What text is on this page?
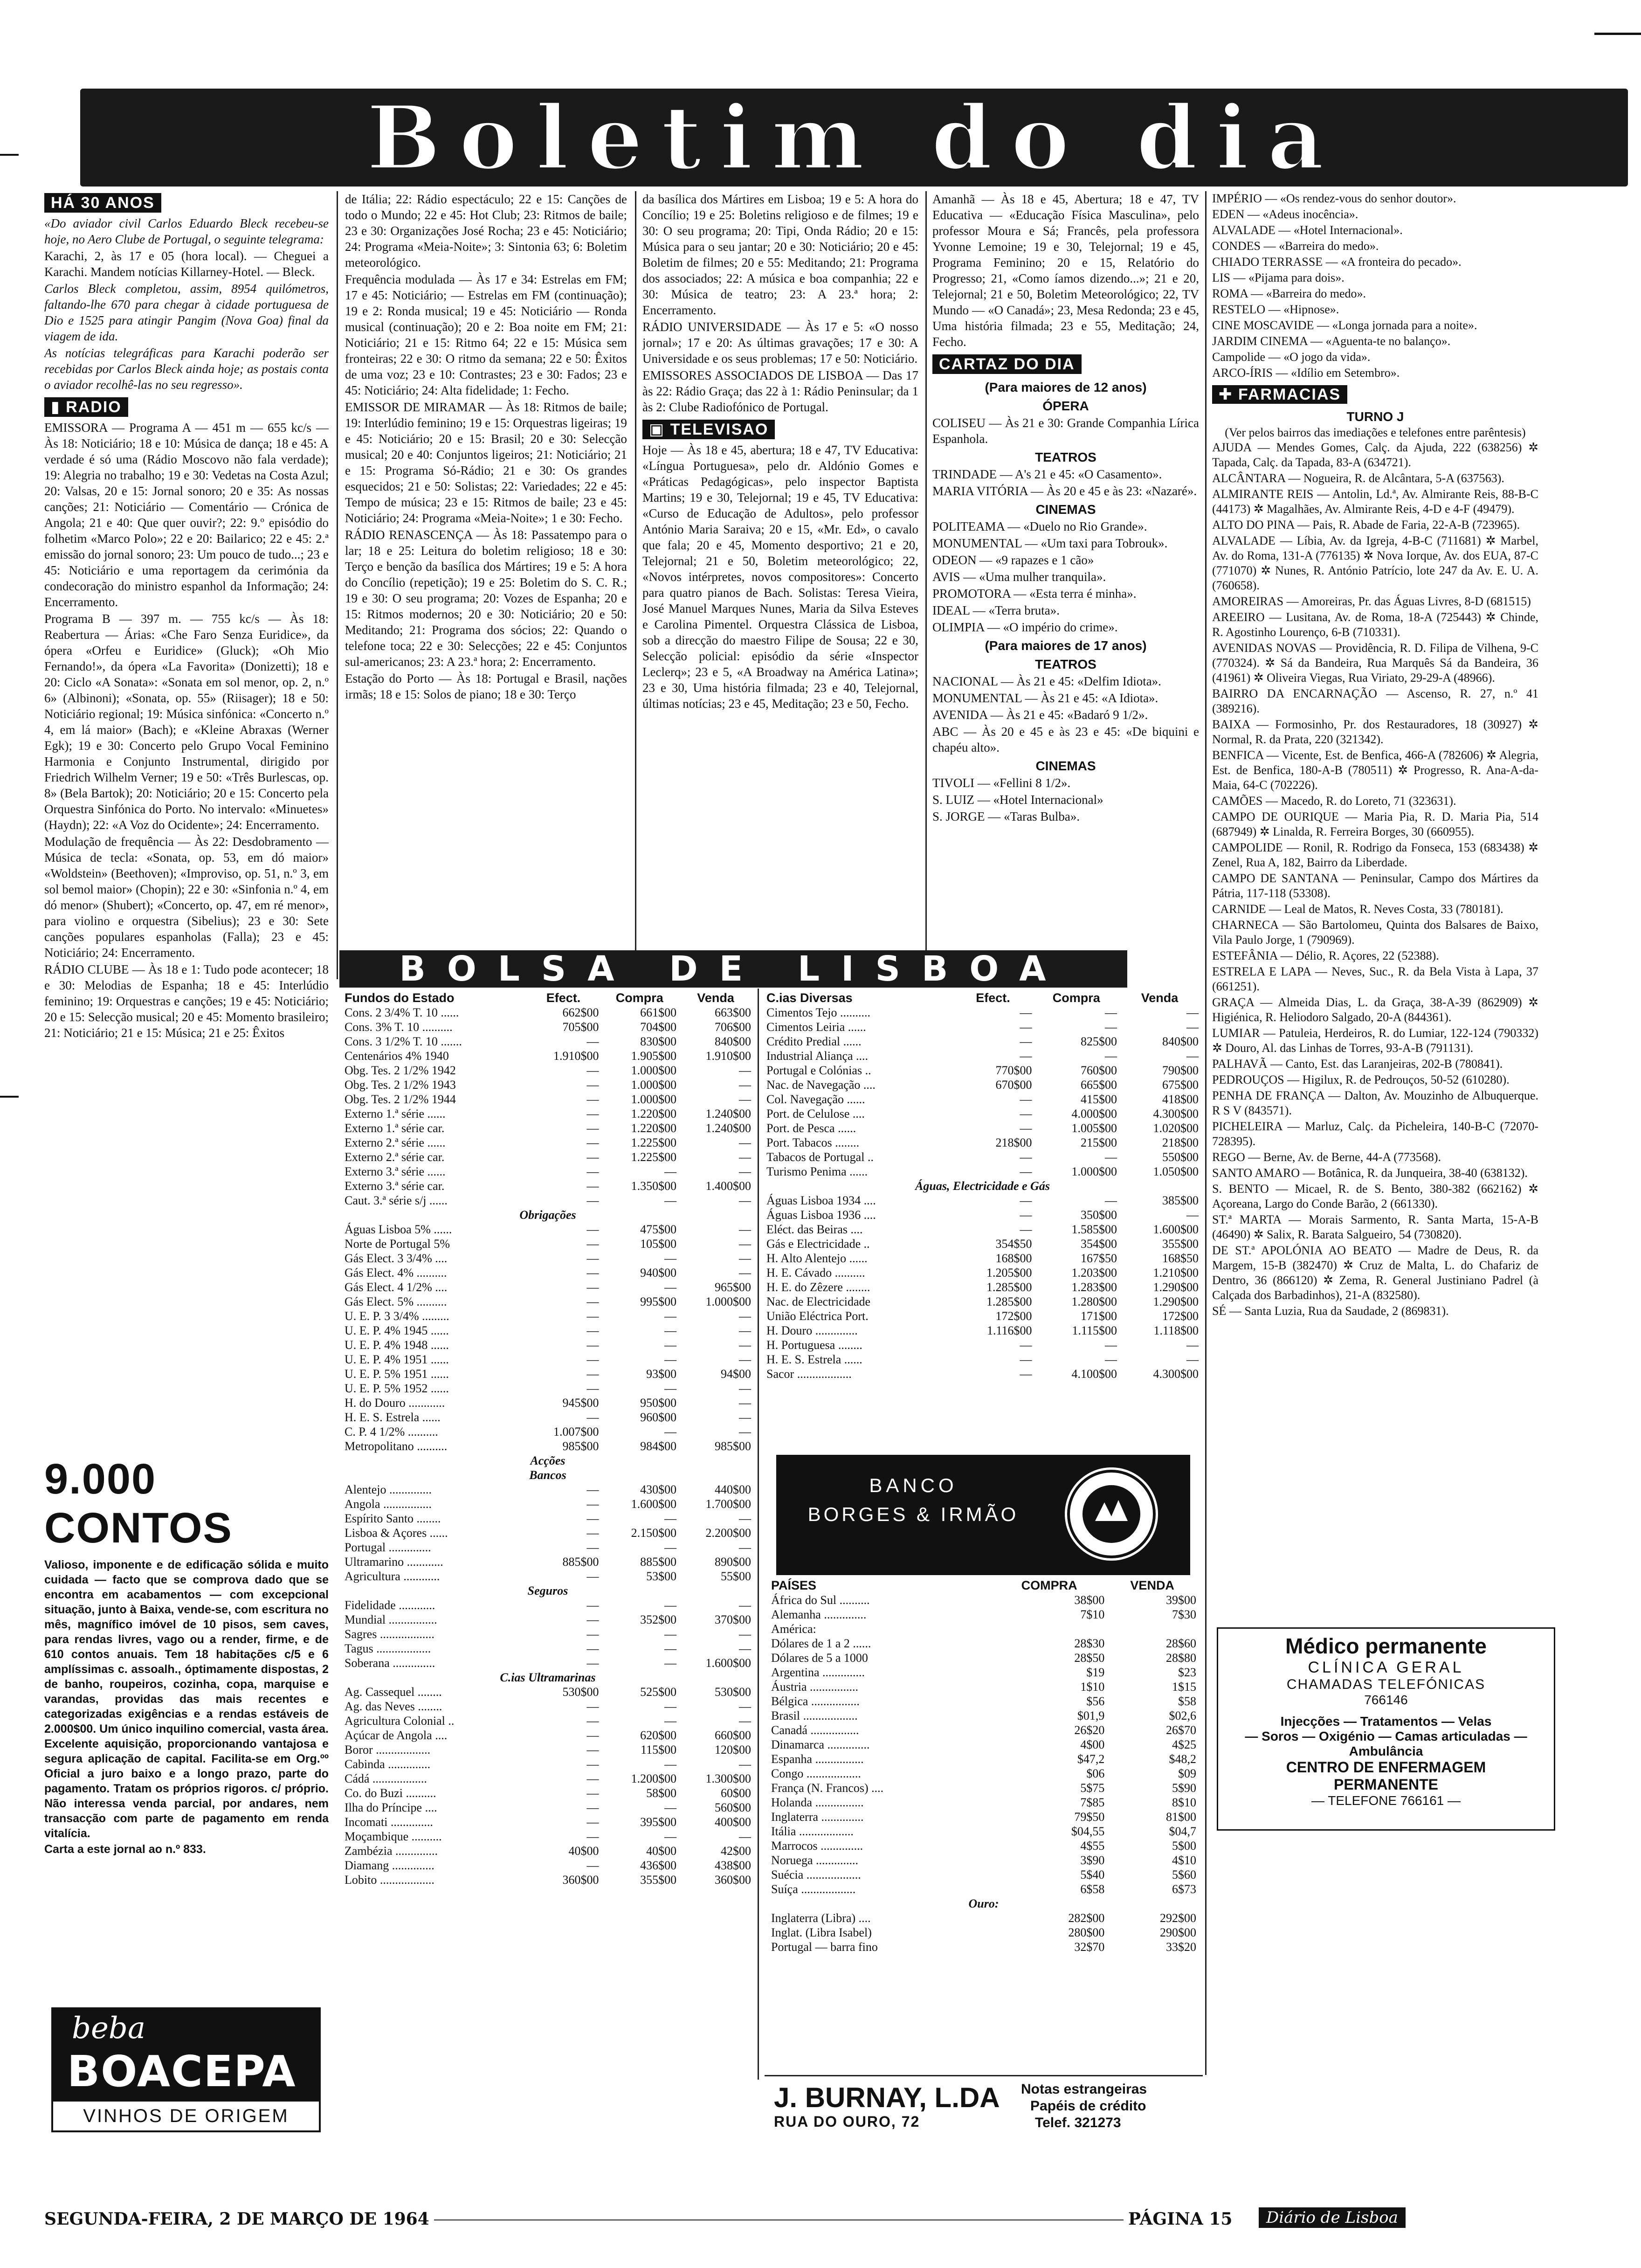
Boletim do dia
HÁ 30 ANOS

«Do aviador civil Carlos Eduardo Bleck recebeu-se hoje, no Aero Clube de Portugal, o seguinte telegrama:

Karachi, 2, às 17 e 05 (hora local). — Cheguei a Karachi. Mandem notícias Killarney-Hotel. — Bleck.

Carlos Bleck completou, assim, 8954 quilómetros, faltando-lhe 670 para chegar à cidade portuguesa de Dio e 1525 para atingir Pangim (Nova Goa) final da viagem de ida.

As notícias telegráficas para Karachi poderão ser recebidas por Carlos Bleck ainda hoje; as postais conta o aviador recolhê-las no seu regresso».

▮ RADIO

EMISSORA — Programa A — 451 m — 655 kc/s — Às 18: Noticiário; 18 e 10: Música de dança; 18 e 45: A verdade é só uma (Rádio Moscovo não fala verdade); 19: Alegria no trabalho; 19 e 30: Vedetas na Costa Azul; 20: Valsas, 20 e 15: Jornal sonoro; 20 e 35: As nossas canções; 21: Noticiário — Comentário — Crónica de Angola; 21 e 40: Que quer ouvir?; 22: 9.º episódio do folhetim «Marco Polo»; 22 e 20: Bailarico; 22 e 45: 2.ª emissão do jornal sonoro; 23: Um pouco de tudo...; 23 e 45: Noticiário e uma reportagem da cerimónia da condecoração do ministro espanhol da Informação; 24: Encerramento.

Programa B — 397 m. — 755 kc/s — Às 18: Reabertura — Árias: «Che Faro Senza Euridice», da ópera «Orfeu e Euridice» (Gluck); «Oh Mio Fernando!», da ópera «La Favorita» (Donizetti); 18 e 20: Ciclo «A Sonata»: «Sonata em sol menor, op. 2, n.º 6» (Albinoni); «Sonata, op. 55» (Riisager); 18 e 50: Noticiário regional; 19: Música sinfónica: «Concerto n.º 4, em lá maior» (Bach); e «Kleine Abraxas (Werner Egk); 19 e 30: Concerto pelo Grupo Vocal Feminino Harmonia e Conjunto Instrumental, dirigido por Friedrich Wilhelm Verner; 19 e 50: «Três Burlescas, op. 8» (Bela Bartok); 20: Noticiário; 20 e 15: Concerto pela Orquestra Sinfónica do Porto. No intervalo: «Minuetes» (Haydn); 22: «A Voz do Ocidente»; 24: Encerramento.

Modulação de frequência — Às 22: Desdobramento — Música de tecla: «Sonata, op. 53, em dó maior» «Woldstein» (Beethoven); «Improviso, op. 51, n.º 3, em sol bemol maior» (Chopin); 22 e 30: «Sinfonia n.º 4, em dó menor» (Shubert); «Concerto, op. 47, em ré menor», para violino e orquestra (Sibelius); 23 e 30: Sete canções populares espanholas (Falla); 23 e 45: Noticiário; 24: Encerramento.

RÁDIO CLUBE — Às 18 e 1: Tudo pode acontecer; 18 e 30: Melodias de Espanha; 18 e 45: Interlúdio feminino; 19: Orquestras e canções; 19 e 45: Noticiário; 20 e 15: Selecção musical; 20 e 45: Momento brasileiro; 21: Noticiário; 21 e 15: Música; 21 e 25: Êxitos

9.000 CONTOS

Valioso, imponente e de edificação sólida e muito cuidada — facto que se comprova dado que se encontra em acabamentos — com excepcional situação, junto à Baixa, vende-se, com escritura no mês, magnífico imóvel de 10 pisos, sem caves, para rendas livres, vago ou a render, firme, e de 610 contos anuais. Tem 18 habitações c/5 e 6 amplíssimas c. assoalh., óptimamente dispostas, 2 de banho, roupeiros, cozinha, copa, marquise e varandas, providas das mais recentes e categorizadas exigências e a rendas estáveis de 2.000$00. Um único inquilino comercial, vasta área. Excelente aquisição, proporcionando vantajosa e segura aplicação de capital. Facilita-se em Org.ºº Oficial a juro baixo e a longo prazo, parte do pagamento. Tratam os próprios rigoros. c/ próprio. Não interessa venda parcial, por andares, nem transacção com parte de pagamento em renda vitalícia.

Carta a este jornal ao n.º 833.

beba
BOACEPA
VINHOS DE ORIGEM

de Itália; 22: Rádio espectáculo; 22 e 15: Canções de todo o Mundo; 22 e 45: Hot Club; 23: Ritmos de baile; 23 e 30: Organizações José Rocha; 23 e 45: Noticiário; 24: Programa «Meia-Noite»; 3: Sintonia 63; 6: Boletim meteorológico.

Frequência modulada — Às 17 e 34: Estrelas em FM; 17 e 45: Noticiário; — Estrelas em FM (continuação); 19 e 2: Ronda musical; 19 e 45: Noticiário — Ronda musical (continuação); 20 e 2: Boa noite em FM; 21: Noticiário; 21 e 15: Ritmo 64; 22 e 15: Música sem fronteiras; 22 e 30: O ritmo da semana; 22 e 50: Êxitos de uma voz; 23 e 10: Contrastes; 23 e 30: Fados; 23 e 45: Noticiário; 24: Alta fidelidade; 1: Fecho.

EMISSOR DE MIRAMAR — Às 18: Ritmos de baile; 19: Interlúdio feminino; 19 e 15: Orquestras ligeiras; 19 e 45: Noticiário; 20 e 15: Brasil; 20 e 30: Selecção musical; 20 e 40: Conjuntos ligeiros; 21: Noticiário; 21 e 15: Programa Só-Rádio; 21 e 30: Os grandes esquecidos; 21 e 50: Solistas; 22: Variedades; 22 e 45: Tempo de música; 23 e 15: Ritmos de baile; 23 e 45: Noticiário; 24: Programa «Meia-Noite»; 1 e 30: Fecho.

RÁDIO RENASCENÇA — Às 18: Passatempo para o lar; 18 e 25: Leitura do boletim religioso; 18 e 30: Terço e benção da basílica dos Mártires; 19 e 5: A hora do Concílio (repetição); 19 e 25: Boletim do S. C. R.; 19 e 30: O seu programa; 20: Vozes de Espanha; 20 e 15: Ritmos modernos; 20 e 30: Noticiário; 20 e 50: Meditando; 21: Programa dos sócios; 22: Quando o telefone toca; 22 e 30: Selecções; 22 e 45: Conjuntos sul-americanos; 23: A 23.ª hora; 2: Encerramento.

Estação do Porto — Às 18: Portugal e Brasil, nações irmãs; 18 e 15: Solos de piano; 18 e 30: Terço

da basílica dos Mártires em Lisboa; 19 e 5: A hora do Concílio; 19 e 25: Boletins religioso e de filmes; 19 e 30: O seu programa; 20: Tipi, Onda Rádio; 20 e 15: Música para o seu jantar; 20 e 30: Noticiário; 20 e 45: Boletim de filmes; 20 e 55: Meditando; 21: Programa dos associados; 22: A música e boa companhia; 22 e 30: Música de teatro; 23: A 23.ª hora; 2: Encerramento.

RÁDIO UNIVERSIDADE — Às 17 e 5: «O nosso jornal»; 17 e 20: As últimas gravações; 17 e 30: A Universidade e os seus problemas; 17 e 50: Noticiário.

EMISSORES ASSOCIADOS DE LISBOA — Das 17 às 22: Rádio Graça; das 22 à 1: Rádio Peninsular; da 1 às 2: Clube Radiofónico de Portugal.

▣ TELEVISAO

Hoje — Às 18 e 45, abertura; 18 e 47, TV Educativa: «Língua Portuguesa», pelo dr. Aldónio Gomes e «Práticas Pedagógicas», pelo inspector Baptista Martins; 19 e 30, Telejornal; 19 e 45, TV Educativa: «Curso de Educação de Adultos», pelo professor António Maria Saraiva; 20 e 15, «Mr. Ed», o cavalo que fala; 20 e 45, Momento desportivo; 21 e 20, Telejornal; 21 e 50, Boletim meteorológico; 22, «Novos intérpretes, novos compositores»: Concerto para quatro pianos de Bach. Solistas: Teresa Vieira, José Manuel Marques Nunes, Maria da Silva Esteves e Carolina Pimentel. Orquestra Clássica de Lisboa, sob a direcção do maestro Filipe de Sousa; 22 e 30, Selecção policial: episódio da série «Inspector Leclerq»; 23 e 5, «A Broadway na América Latina»; 23 e 30, Uma história filmada; 23 e 40, Telejornal, últimas notícias; 23 e 45, Meditação; 23 e 50, Fecho.

Amanhã — Às 18 e 45, Abertura; 18 e 47, TV Educativa — «Educação Física Masculina», pelo professor Moura e Sá; Francês, pela professora Yvonne Lemoine; 19 e 30, Telejornal; 19 e 45, Programa Feminino; 20 e 15, Relatório do Progresso; 21, «Como íamos dizendo...»; 21 e 20, Telejornal; 21 e 50, Boletim Meteorológico; 22, TV Mundo — «O Canadá»; 23, Mesa Redonda; 23 e 45, Uma história filmada; 23 e 55, Meditação; 24, Fecho.

CARTAZ DO DIA
(Para maiores de 12 anos)
ÓPERA

COLISEU — Às 21 e 30: Grande Companhia Lírica Espanhola.

TEATROS

TRINDADE — A's 21 e 45: «O Casamento».

MARIA VITÓRIA — Às 20 e 45 e às 23: «Nazaré».

CINEMAS

POLITEAMA — «Duelo no Rio Grande».

MONUMENTAL — «Um taxi para Tobrouk».

ODEON — «9 rapazes e 1 cão»

AVIS — «Uma mulher tranquila».

PROMOTORA — «Esta terra é minha».

IDEAL — «Terra bruta».

OLIMPIA — «O império do crime».

(Para maiores de 17 anos)
TEATROS

NACIONAL — Às 21 e 45: «Delfim Idiota».

MONUMENTAL — Às 21 e 45: «A Idiota».

AVENIDA — Às 21 e 45: «Badaró 9 1/2».

ABC — Às 20 e 45 e às 23 e 45: «De biquini e chapéu alto».

CINEMAS

TIVOLI — «Fellini 8 1/2».

S. LUIZ — «Hotel Internacional»

S. JORGE — «Taras Bulba».

IMPÉRIO — «Os rendez-vous do senhor doutor».

EDEN — «Adeus inocência».

ALVALADE — «Hotel Internacional».

CONDES — «Barreira do medo».

CHIADO TERRASSE — «A fronteira do pecado».

LIS — «Pijama para dois».

ROMA — «Barreira do medo».

RESTELO — «Hipnose».

CINE MOSCAVIDE — «Longa jornada para a noite».

JARDIM CINEMA — «Aguenta-te no balanço».

Campolide — «O jogo da vida».

ARCO-ÍRIS — «Idílio em Setembro».

✚ FARMACIAS
TURNO J
(Ver pelos bairros das imediações e telefones entre parêntesis)

AJUDA — Mendes Gomes, Calç. da Ajuda, 222 (638256) ✲ Tapada, Calç. da Tapada, 83-A (634721).

ALCÂNTARA — Nogueira, R. de Alcântara, 5-A (637563).

ALMIRANTE REIS — Antolin, Ld.ª, Av. Almirante Reis, 88-B-C (44173) ✲ Magalhães, Av. Almirante Reis, 4-D e 4-F (49479).

ALTO DO PINA — Pais, R. Abade de Faria, 22-A-B (723965).

ALVALADE — Líbia, Av. da Igreja, 4-B-C (711681) ✲ Marbel, Av. do Roma, 131-A (776135) ✲ Nova Iorque, Av. dos EUA, 87-C (771070) ✲ Nunes, R. António Patrício, lote 247 da Av. E. U. A. (760658).

AMOREIRAS — Amoreiras, Pr. das Águas Livres, 8-D (681515)

AREEIRO — Lusitana, Av. de Roma, 18-A (725443) ✲ Chinde, R. Agostinho Lourenço, 6-B (710331).

AVENIDAS NOVAS — Providência, R. D. Filipa de Vilhena, 9-C (770324). ✲ Sá da Bandeira, Rua Marquês Sá da Bandeira, 36 (41961) ✲ Oliveira Viegas, Rua Viriato, 29-29-A (48966).

BAIRRO DA ENCARNAÇÃO — Ascenso, R. 27, n.º 41 (389216).

BAIXA — Formosinho, Pr. dos Restauradores, 18 (30927) ✲ Normal, R. da Prata, 220 (321342).

BENFICA — Vicente, Est. de Benfica, 466-A (782606) ✲ Alegria, Est. de Benfica, 180-A-B (780511) ✲ Progresso, R. Ana-A-da-Maia, 64-C (702226).

CAMÕES — Macedo, R. do Loreto, 71 (323631).

CAMPO DE OURIQUE — Maria Pia, R. D. Maria Pia, 514 (687949) ✲ Linalda, R. Ferreira Borges, 30 (660955).

CAMPOLIDE — Ronil, R. Rodrigo da Fonseca, 153 (683438) ✲ Zenel, Rua A, 182, Bairro da Liberdade.

CAMPO DE SANTANA — Peninsular, Campo dos Mártires da Pátria, 117-118 (53308).

CARNIDE — Leal de Matos, R. Neves Costa, 33 (780181).

CHARNECA — São Bartolomeu, Quinta dos Balsares de Baixo, Vila Paulo Jorge, 1 (790969).

ESTEFÂNIA — Délio, R. Açores, 22 (52388).

ESTRELA E LAPA — Neves, Suc., R. da Bela Vista à Lapa, 37 (661251).

GRAÇA — Almeida Dias, L. da Graça, 38-A-39 (862909) ✲ Higiénica, R. Heliodoro Salgado, 20-A (844361).

LUMIAR — Patuleia, Herdeiros, R. do Lumiar, 122-124 (790332) ✲ Douro, Al. das Linhas de Torres, 93-A-B (791131).

PALHAVÃ — Canto, Est. das Laranjeiras, 202-B (780841).

PEDROUÇOS — Higilux, R. de Pedrouços, 50-52 (610280).

PENHA DE FRANÇA — Dalton, Av. Mouzinho de Albuquerque. R S V (843571).

PICHELEIRA — Marluz, Calç. da Picheleira, 140-B-C (72070-728395).

REGO — Berne, Av. de Berne, 44-A (773568).

SANTO AMARO — Botânica, R. da Junqueira, 38-40 (638132).

S. BENTO — Micael, R. de S. Bento, 380-382 (662162) ✲ Açoreana, Largo do Conde Barão, 2 (661330).

ST.ª MARTA — Morais Sarmento, R. Santa Marta, 15-A-B (46490) ✲ Salix, R. Barata Salgueiro, 54 (730820).

DE ST.ª APOLÓNIA AO BEATO — Madre de Deus, R. da Margem, 15-B (382470) ✲ Cruz de Malta, L. do Chafariz de Dentro, 36 (866120) ✲ Zema, R. General Justiniano Padrel (à Calçada dos Barbadinhos), 21-A (832580).

SÉ — Santa Luzia, Rua da Saudade, 2 (869831).

BOLSA DE LISBOA
Fundos do Estado	Efect.	Compra	Venda
Cons. 2 3/4% T. 10 ......	662$00	661$00	663$00
Cons. 3% T. 10 ..........	705$00	704$00	706$00
Cons. 3 1/2% T. 10 .......	—	830$00	840$00
Centenários 4% 1940	1.910$00	1.905$00	1.910$00
Obg. Tes. 2 1/2% 1942	—	1.000$00	—
Obg. Tes. 2 1/2% 1943	—	1.000$00	—
Obg. Tes. 2 1/2% 1944	—	1.000$00	—
Externo 1.ª série ......	—	1.220$00	1.240$00
Externo 1.ª série car.	—	1.220$00	1.240$00
Externo 2.ª série ......	—	1.225$00	—
Externo 2.ª série car.	—	1.225$00	—
Externo 3.ª série ......	—	—	—
Externo 3.ª série car.	—	1.350$00	1.400$00
Caut. 3.ª série s/j ......	—	—	—
Obrigações			
Águas Lisboa 5% ......	—	475$00	—
Norte de Portugal 5%	—	105$00	—
Gás Elect. 3 3/4% ....	—	—	—
Gás Elect. 4% ..........	—	940$00	—
Gás Elect. 4 1/2% ....	—	—	965$00
Gás Elect. 5% ..........	—	995$00	1.000$00
U. E. P. 3 3/4% .........	—	—	—
U. E. P. 4% 1945 ......	—	—	—
U. E. P. 4% 1948 ......	—	—	—
U. E. P. 4% 1951 ......	—	—	—
U. E. P. 5% 1951 ......	—	93$00	94$00
U. E. P. 5% 1952 ......	—	—	—
H. do Douro ............	945$00	950$00	—
H. E. S. Estrela ......	—	960$00	—
C. P. 4 1/2% ..........	1.007$00	—	—
Metropolitano ..........	985$00	984$00	985$00
Acções			
Bancos			
Alentejo ..............	—	430$00	440$00
Angola ................	—	1.600$00	1.700$00
Espírito Santo ........	—	—	—
Lisboa & Açores ......	—	2.150$00	2.200$00
Portugal ..............	—	—	—
Ultramarino ............	885$00	885$00	890$00
Agricultura ............	—	53$00	55$00
Seguros			
Fidelidade ............	—	—	—
Mundial ................	—	352$00	370$00
Sagres ..................	—	—	—
Tagus ..................	—	—	—
Soberana ..............	—	—	1.600$00
C.ias Ultramarinas			
Ag. Cassequel ........	530$00	525$00	530$00
Ag. das Neves ........	—	—	—
Agricultura Colonial ..	—	—	—
Açúcar de Angola ....	—	620$00	660$00
Boror ..................	—	115$00	120$00
Cabinda ..............	—	—	—
Cádá ..................	—	1.200$00	1.300$00
Co. do Buzi ..........	—	58$00	60$00
Ilha do Príncipe ....	—	—	560$00
Incomati ..............	—	395$00	400$00
Moçambique ..........	—	—	—
Zambézia ..............	40$00	40$00	42$00
Diamang ..............	—	436$00	438$00
Lobito ..................	360$00	355$00	360$00
C.ias Diversas	Efect.	Compra	Venda
Cimentos Tejo ..........	—	—	—
Cimentos Leiria ......	—	—	—
Crédito Predial ......	—	825$00	840$00
Industrial Aliança ....	—	—	—
Portugal e Colónias ..	770$00	760$00	790$00
Nac. de Navegação ....	670$00	665$00	675$00
Col. Navegação ......	—	415$00	418$00
Port. de Celulose ....	—	4.000$00	4.300$00
Port. de Pesca ......	—	1.005$00	1.020$00
Port. Tabacos ........	218$00	215$00	218$00
Tabacos de Portugal ..	—	—	550$00
Turismo Penima ......	—	1.000$00	1.050$00
Águas, Electricidade e Gás			
Águas Lisboa 1934 ....	—	—	385$00
Águas Lisboa 1936 ....	—	350$00	—
Eléct. das Beiras ....	—	1.585$00	1.600$00
Gás e Electricidade ..	354$50	354$00	355$00
H. Alto Alentejo ......	168$00	167$50	168$50
H. E. Cávado ..........	1.205$00	1.203$00	1.210$00
H. E. do Zêzere ........	1.285$00	1.283$00	1.290$00
Nac. de Electricidade	1.285$00	1.280$00	1.290$00
União Eléctrica Port.	172$00	171$00	172$00
H. Douro ..............	1.116$00	1.115$00	1.118$00
H. Portuguesa ........	—	—	—
H. E. S. Estrela ......	—	—	—
Sacor ..................	—	4.100$00	4.300$00
BANCO
BORGES & IRMÃO
PAÍSES	COMPRA	VENDA
África do Sul ..........	38$00	39$00
Alemanha ..............	7$10	7$30
América:		
Dólares de 1 a 2 ......	28$30	28$60
Dólares de 5 a 1000	28$50	28$80
Argentina ..............	$19	$23
Áustria ................	1$10	1$15
Bélgica ................	$56	$58
Brasil ..................	$01,9	$02,6
Canadá ................	26$20	26$70
Dinamarca ..............	4$00	4$25
Espanha ................	$47,2	$48,2
Congo ..................	$06	$09
França (N. Francos) ....	5$75	5$90
Holanda ................	7$85	8$10
Inglaterra ..............	79$50	81$00
Itália ..................	$04,55	$04,7
Marrocos ..............	4$55	5$00
Noruega ..............	3$90	4$10
Suécia ..................	5$40	5$60
Suíça ..................	6$58	6$73
Ouro:		
Inglaterra (Libra) ....	282$00	292$00
Inglat. (Libra Isabel)	280$00	290$00
Portugal — barra fino	32$70	33$20
J. BURNAY, L.DA
RUA DO OURO, 72
Notas estrangeiras
Papéis de crédito
Telef. 321273
Médico permanente
CLÍNICA GERAL
CHAMADAS TELEFÓNICAS
766146
Injecções — Tratamentos — Velas
— Soros — Oxigénio — Camas articuladas — Ambulância
CENTRO DE ENFERMAGEM
PERMANENTE
— TELEFONE 766161 —
SEGUNDA-FEIRA, 2 DE MARÇO DE 1964	PÁGINA 15	Diário de Lisboa
